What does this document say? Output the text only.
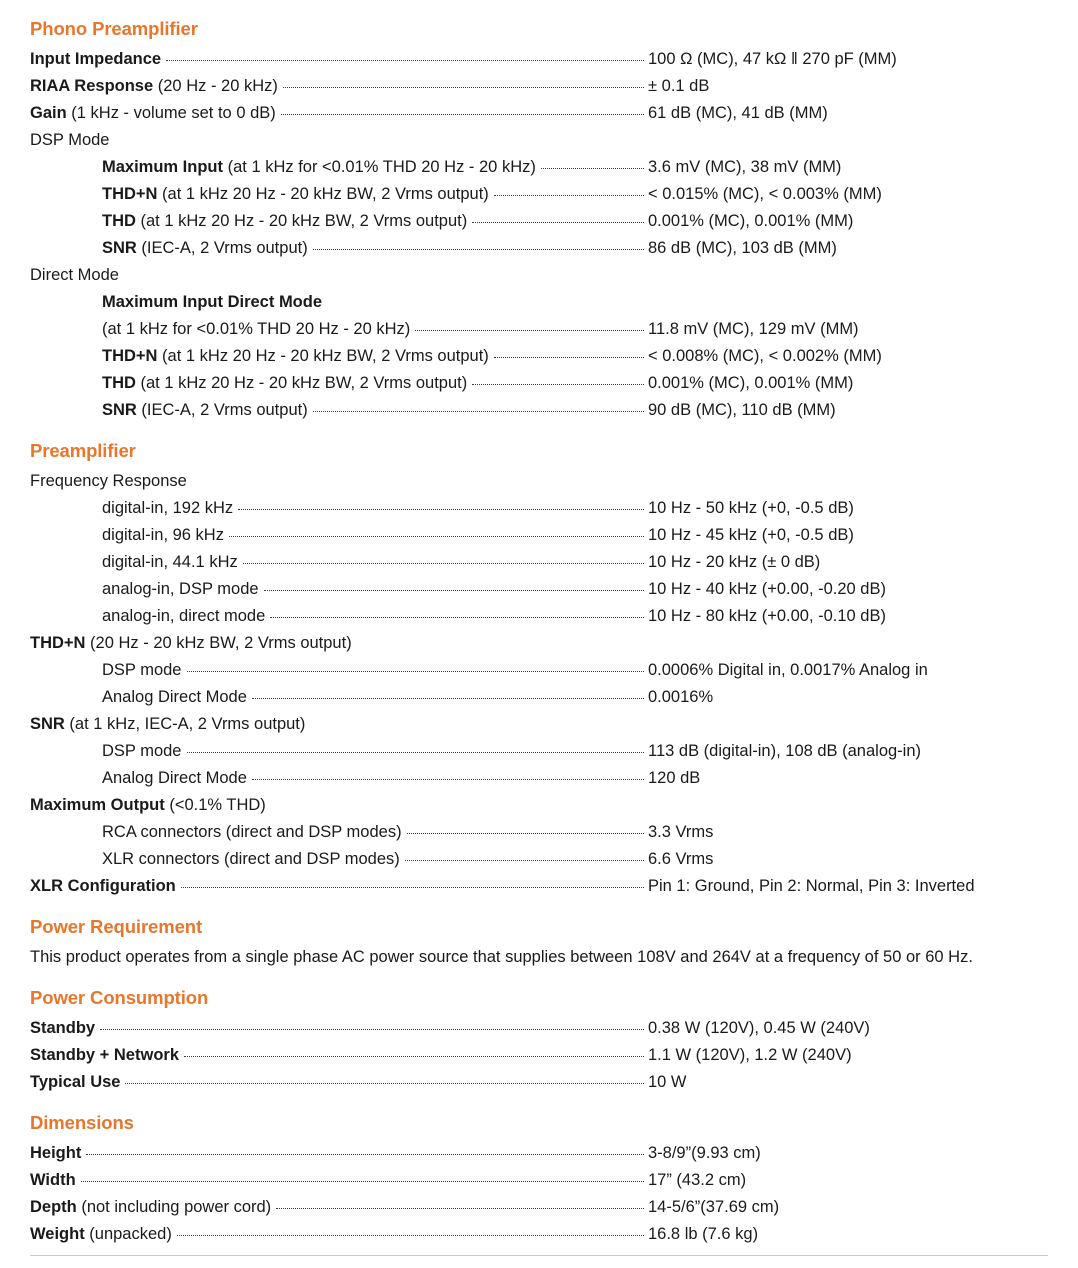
Phono Preamplifier
Input Impedance	100 Ω (MC), 47 kΩ ‖ 270 pF (MM)
RIAA Response (20 Hz - 20 kHz)	± 0.1 dB
Gain (1 kHz - volume set to 0 dB)	61 dB (MC), 41 dB (MM)
DSP Mode
Maximum Input (at 1 kHz for <0.01% THD 20 Hz - 20 kHz)	3.6 mV (MC), 38 mV (MM)
THD+N (at 1 kHz 20 Hz - 20 kHz BW, 2 Vrms output)	< 0.015% (MC), < 0.003% (MM)
THD (at 1 kHz 20 Hz - 20 kHz BW, 2 Vrms output)	0.001% (MC), 0.001% (MM)
SNR (IEC-A, 2 Vrms output)	86 dB (MC), 103 dB (MM)
Direct Mode
Maximum Input Direct Mode
(at 1 kHz for <0.01% THD 20 Hz - 20 kHz)	11.8 mV (MC), 129 mV (MM)
THD+N (at 1 kHz 20 Hz - 20 kHz BW, 2 Vrms output)	< 0.008% (MC), < 0.002% (MM)
THD (at 1 kHz 20 Hz - 20 kHz BW, 2 Vrms output)	0.001% (MC), 0.001% (MM)
SNR (IEC-A, 2 Vrms output)	90 dB (MC), 110 dB (MM)
Preamplifier
Frequency Response
digital-in, 192 kHz	10 Hz - 50 kHz (+0, -0.5 dB)
digital-in, 96 kHz	10 Hz - 45 kHz (+0, -0.5 dB)
digital-in, 44.1 kHz	10 Hz - 20 kHz (± 0 dB)
analog-in, DSP mode	10 Hz - 40 kHz (+0.00, -0.20 dB)
analog-in, direct mode	10 Hz - 80 kHz (+0.00, -0.10 dB)
THD+N (20 Hz - 20 kHz BW, 2 Vrms output)
DSP mode	0.0006% Digital in, 0.0017% Analog in
Analog Direct Mode	0.0016%
SNR (at 1 kHz, IEC-A, 2 Vrms output)
DSP mode	113 dB (digital-in), 108 dB (analog-in)
Analog Direct Mode	120 dB
Maximum Output (<0.1% THD)
RCA connectors (direct and DSP modes)	3.3 Vrms
XLR connectors (direct and DSP modes)	6.6 Vrms
XLR Configuration	Pin 1: Ground, Pin 2: Normal, Pin 3: Inverted
Power Requirement
This product operates from a single phase AC power source that supplies between 108V and 264V at a frequency of 50 or 60 Hz.
Power Consumption
Standby	0.38 W (120V), 0.45 W (240V)
Standby + Network	1.1 W (120V), 1.2 W (240V)
Typical Use	10 W
Dimensions
Height	3-8/9”(9.93 cm)
Width	17” (43.2 cm)
Depth (not including power cord)	14-5/6”(37.69 cm)
Weight (unpacked)	16.8 lb (7.6 kg)
